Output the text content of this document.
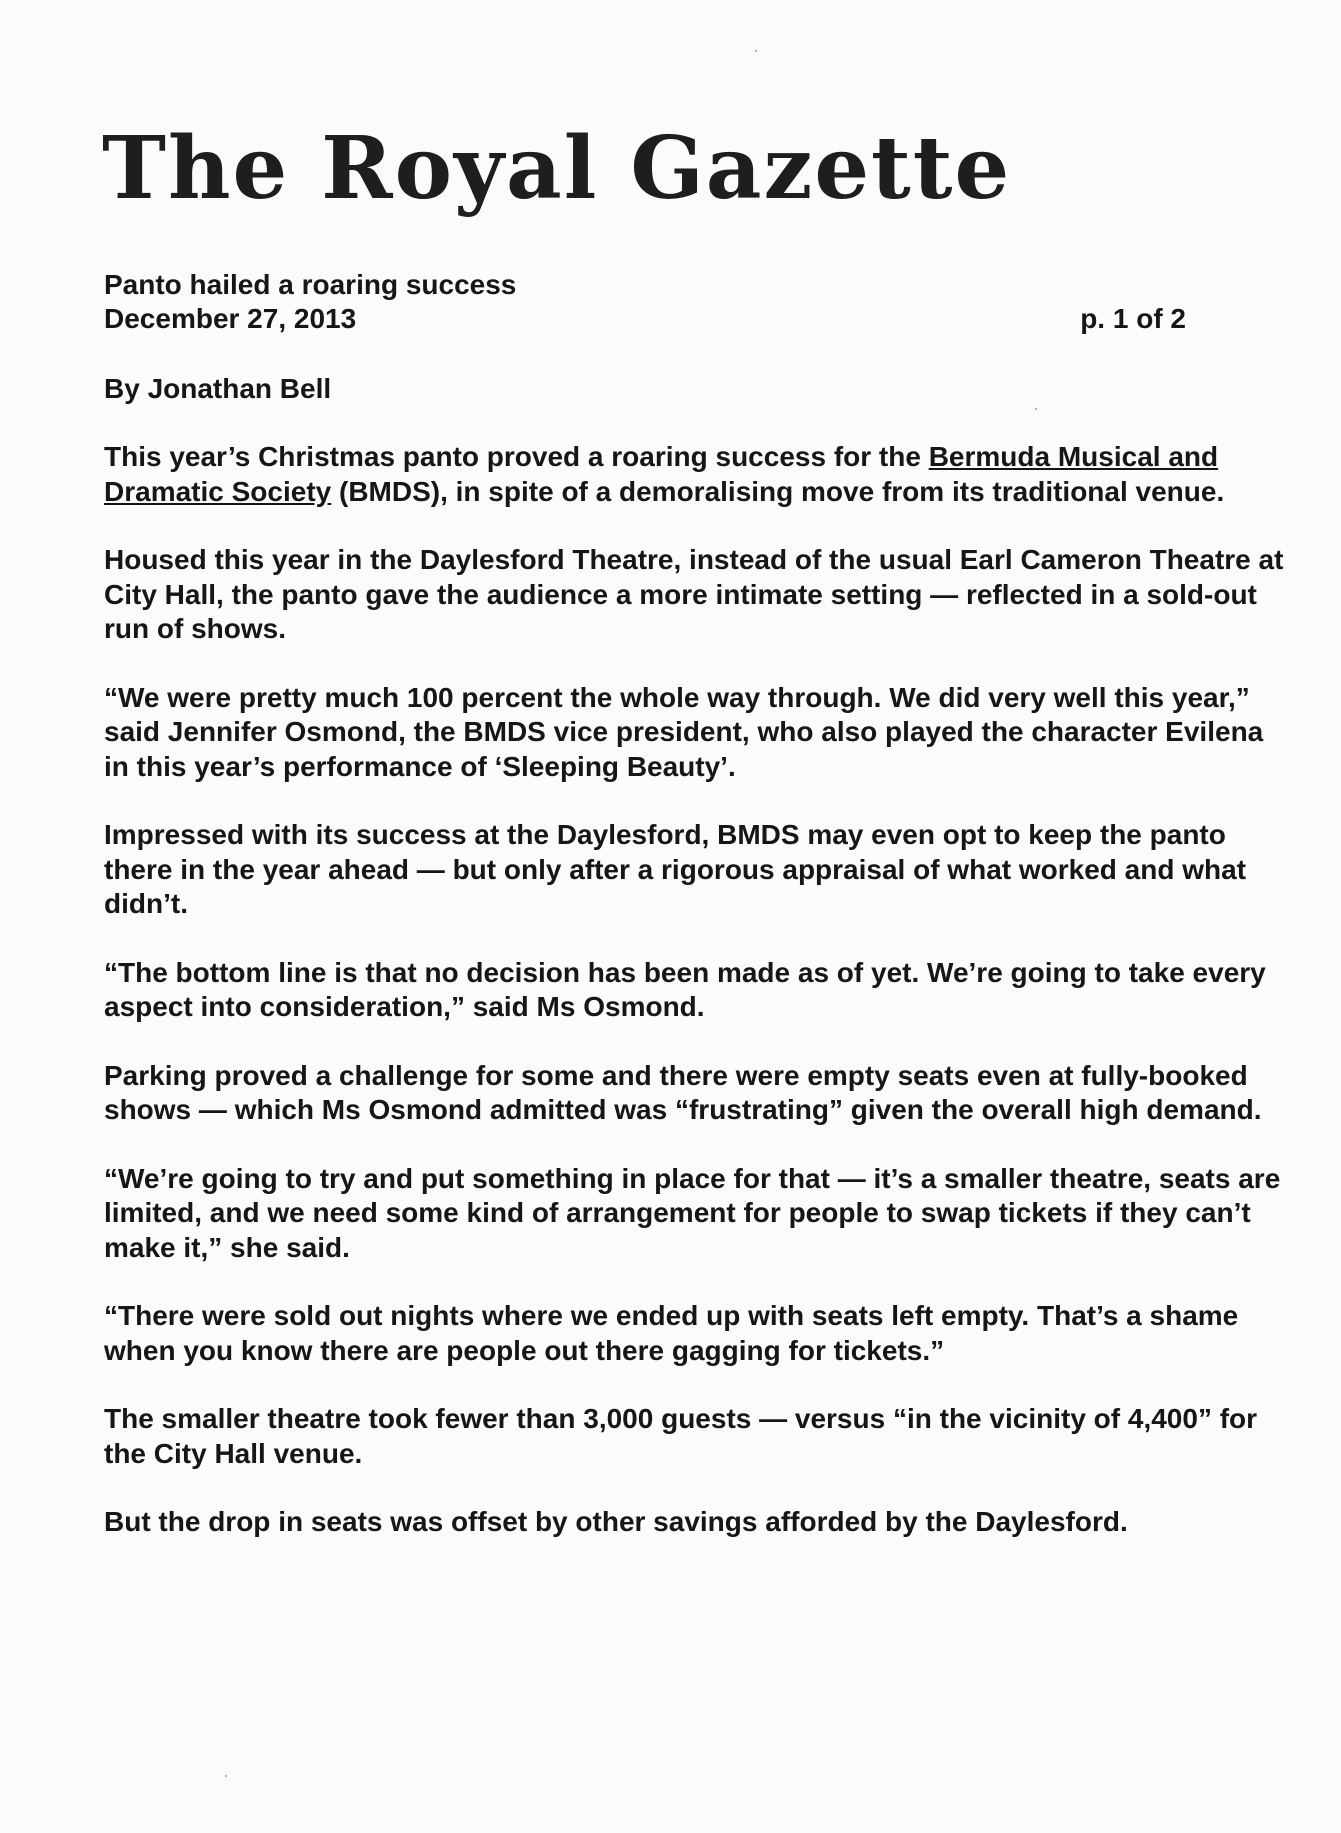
The Royal Gazette
Panto hailed a roaring success
December 27, 2013	p. 1 of 2
By Jonathan Bell

This year’s Christmas panto proved a roaring success for the Bermuda Musical and Dramatic Society (BMDS), in spite of a demoralising move from its traditional venue.

Housed this year in the Daylesford Theatre, instead of the usual Earl Cameron Theatre at City Hall, the panto gave the audience a more intimate setting — reflected in a sold-out run of shows.

“We were pretty much 100 percent the whole way through. We did very well this year,” said Jennifer Osmond, the BMDS vice president, who also played the character Evilena in this year’s performance of ‘Sleeping Beauty’.

Impressed with its success at the Daylesford, BMDS may even opt to keep the panto there in the year ahead — but only after a rigorous appraisal of what worked and what didn’t.

“The bottom line is that no decision has been made as of yet. We’re going to take every aspect into consideration,” said Ms Osmond.

Parking proved a challenge for some and there were empty seats even at fully-booked shows — which Ms Osmond admitted was “frustrating” given the overall high demand.

“We’re going to try and put something in place for that — it’s a smaller theatre, seats are limited, and we need some kind of arrangement for people to swap tickets if they can’t make it,” she said.

“There were sold out nights where we ended up with seats left empty. That’s a shame when you know there are people out there gagging for tickets.”

The smaller theatre took fewer than 3,000 guests — versus “in the vicinity of 4,400” for the City Hall venue.

But the drop in seats was offset by other savings afforded by the Daylesford.
